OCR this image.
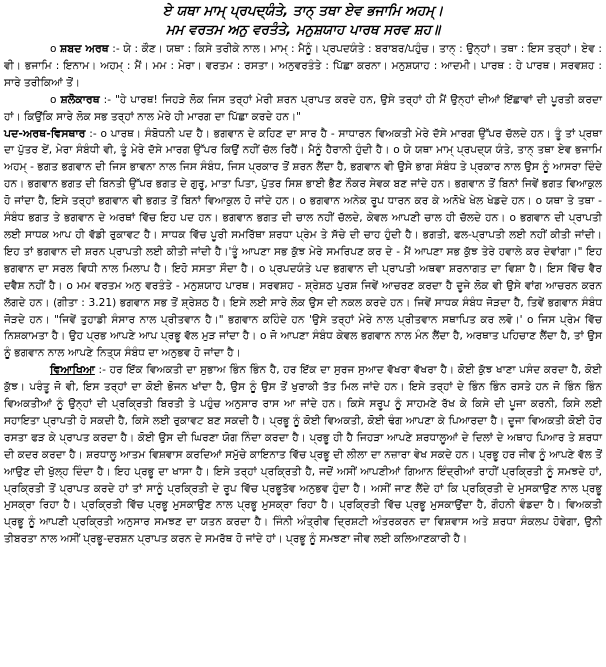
ਏ ਯਥਾ ਮਾਮ੍ ਪ੍ਰਪਦ੍ਯੰਤੇ, ਤਾਨ੍ ਤਥਾ ਏਵ ਭਜਾਮਿ ਅਹਮ੍।
ਮਮ ਵਰਤਮ ਅਨੁ ਵਰਤੰਤੇ, ਮਨੁਸ਼ਯਾਹ ਪਾਰਥ ਸਰਵ ਸ਼ਹ॥

o ਸ਼ਬਦ ਅਰਥ :- ਯੇ : ਕੌਣ। ਯਥਾ : ਕਿਸੇ ਤਰੀਕੇ ਨਾਲ। ਮਾਮ੍ : ਮੈਨੂੰ। ਪ੍ਰਪਦਯੰਤੇ : ਬਰਾਬਰ/ਪਹੁੰਚ। ਤਾਨ੍ : ਉਨ੍ਹਾਂ। ਤਥਾ : ਇਸ ਤਰ੍ਹਾਂ। ਏਵ : ਵੀ। ਭਜਾਮਿ : ਇਨਾਮ। ਅਹਮ੍ : ਮੈਂ। ਮਮ : ਮੇਰਾ। ਵਰਤਮ : ਰਸਤਾ। ਅਨੁਵਰਤੰਤੇ : ਪਿੱਛਾ ਕਰਨਾ। ਮਨੁਸ਼ਯਾਹ : ਆਦਮੀ। ਪਾਰਥ : ਹੇ ਪਾਰਥ। ਸਰਵਸ਼ਹ : ਸਾਰੇ ਤਰੀਕਿਆਂ ਤੋਂ।

o ਸ਼ਲੋਕਾਰਥ :- "ਹੇ ਪਾਰਥ! ਜਿਹੜੇ ਲੋਕ ਜਿਸ ਤਰ੍ਹਾਂ ਮੇਰੀ ਸ਼ਰਨ ਪ੍ਰਾਪਤ ਕਰਦੇ ਹਨ, ਉਸੇ ਤਰ੍ਹਾਂ ਹੀ ਮੈਂ ਉਨ੍ਹਾਂ ਦੀਆਂ ਇੱਛਾਵਾਂ ਦੀ ਪੂਰਤੀ ਕਰਦਾ ਹਾਂ। ਕਿਉਂਕਿ ਸਾਰੇ ਲੋਕ ਸਭ ਤਰ੍ਹਾਂ ਨਾਲ ਮੇਰੇ ਹੀ ਮਾਰਗ ਦਾ ਪਿੱਛਾ ਕਰਦੇ ਹਨ।"

ਪਦ-ਅਰਥ-ਵਿਸਥਾਰ :- o ਪਾਰਥ। ਸੰਬੋਧਨੀ ਪਦ ਹੈ। ਭਗਵਾਨ ਦੇ ਕਹਿਣ ਦਾ ਸਾਰ ਹੈ - ਸਾਧਾਰਨ ਵਿਅਕਤੀ ਮੇਰੇ ਦੱਸੇ ਮਾਰਗ ਉੱਪਰ ਚੱਲਦੇ ਹਨ। ਤੂੰ ਤਾਂ ਪ੍ਰਥਾ ਦਾ ਪੁੱਤਰ ਏਂ, ਮੇਰਾ ਸੰਬੰਧੀ ਵੀ, ਤੂੰ ਮੇਰੇ ਦੱਸੇ ਮਾਰਗ ਉੱਪਰ ਕਿਉਂ ਨਹੀਂ ਚੱਲ ਰਿਹੈਂ। ਮੈਨੂੰ ਹੈਰਾਨੀ ਹੁੰਦੀ ਹੈ। o ਯੇ ਯਥਾ ਮਾਮ੍ ਪ੍ਰਪਦ੍ਯ ਯੰਤੇ, ਤਾਨ੍ ਤਥਾ ਏਵ ਭਜਾਮਿ ਅਹਮ੍ - ਭਗਤ ਭਗਵਾਨ ਦੀ ਜਿਸ ਭਾਵਨਾ ਨਾਲ ਜਿਸ ਸੰਬੰਧ, ਜਿਸ ਪ੍ਰਕਾਰ ਤੋਂ ਸ਼ਰਨ ਲੈਂਦਾ ਹੈ, ਭਗਵਾਨ ਵੀ ਉਸੇ ਭਾਗ ਸੰਬੰਧ ਤੇ ਪ੍ਰਕਾਰ ਨਾਲ ਉਸ ਨੂੰ ਆਸਰਾ ਦਿੰਦੇ ਹਨ। ਭਗਵਾਨ ਭਗਤ ਦੀ ਬਿਨਤੀ ਉੱਪਰ ਭਗਤ ਦੇ ਗੁਰੂ, ਮਾਤਾ ਪਿਤਾ, ਪੁੱਤਰ ਸਿਸ਼ ਭਾਈ ਭੈਣ ਨੌਕਰ ਸੇਵਕ ਬਣ ਜਾਂਦੇ ਹਨ। ਭਗਵਾਨ ਤੋਂ ਬਿਨਾਂ ਜਿਵੇਂ ਭਗਤ ਵਿਆਕੁਲ ਹੋ ਜਾਂਦਾ ਹੈ, ਇਸੇ ਤਰ੍ਹਾਂ ਭਗਵਾਨ ਵੀ ਭਗਤ ਤੋਂ ਬਿਨਾਂ ਵਿਆਕੁਲ ਹੋ ਜਾਂਦੇ ਹਨ। o ਭਗਵਾਨ ਅਨੇਕ ਰੂਪ ਧਾਰਨ ਕਰ ਕੇ ਅਨੋਖੇ ਖੇਲ ਖੇਡਦੇ ਹਨ। o ਯਥਾ ਤੇ ਤਥਾ - ਸੰਬੰਧ ਭਗਤ ਤੇ ਭਗਵਾਨ ਦੇ ਅਰਥਾਂ ਵਿੱਚ ਇਹ ਪਦ ਹਨ। ਭਗਵਾਨ ਭਗਤ ਦੀ ਚਾਲ ਨਹੀਂ ਚੱਲਦੇ, ਕੇਵਲ ਆਪਣੀ ਚਾਲ ਹੀ ਚੱਲਦੇ ਹਨ। o ਭਗਵਾਨ ਦੀ ਪ੍ਰਾਪਤੀ ਲਈ ਸਾਧਕ ਆਪ ਹੀ ਵੱਡੀ ਰੁਕਾਵਟ ਹੈ। ਸਾਧਕ ਵਿੱਚ ਪੂਰੀ ਸਮਰਿੱਥਾ ਸ਼ਰਧਾ ਪ੍ਰੇਮ ਤੇ ਸੱਚੇ ਦੀ ਚਾਹ ਹੁੰਦੀ ਹੈ। ਭਗਤੀ, ਫਲ-ਪ੍ਰਾਪਤੀ ਲਈ ਨਹੀਂ ਕੀਤੀ ਜਾਂਦੀ। ਇਹ ਤਾਂ ਭਗਵਾਨ ਦੀ ਸ਼ਰਨ ਪ੍ਰਾਪਤੀ ਲਈ ਕੀਤੀ ਜਾਂਦੀ ਹੈ।'ਤੂੰ ਆਪਣਾ ਸਭ ਕੁੱਝ ਮੇਰੇ ਸਮਰਿਪਣ ਕਰ ਦੇ - ਮੈਂ ਆਪਣਾ ਸਭ ਕੁੱਝ ਤੇਰੇ ਹਵਾਲੇ ਕਰ ਦੇਵਾਂਗਾ।" ਇਹ ਭਗਵਾਨ ਦਾ ਸਰਲ ਵਿਧੀ ਨਾਲ ਮਿਲਾਪ ਹੈ। ਇਹੋ ਸਸਤਾ ਸੌਦਾ ਹੈ। o ਪ੍ਰਪਦਯੰਤੇ ਪਦ ਭਗਵਾਨ ਦੀ ਪ੍ਰਾਪਤੀ ਅਥਵਾ ਸ਼ਰਨਾਗਤ ਦਾ ਵਿਸ਼ਾ ਹੈ। ਇਸ ਵਿੱਚ ਵੈਰ ਦਵੈਸ਼ ਨਹੀਂ ਹੈ। o ਮਮ ਵਰਤਮ ਅਨੁ ਵਰਤੰਤੇ - ਮਨੁਸ਼ਯਾਹ ਪਾਰਥ। ਸਰਵਸ਼ਹ - ਸ਼੍ਰੇਸ਼ਠ ਪੁਰਸ਼ ਜਿਵੇਂ ਆਚਰਣ ਕਰਦਾ ਹੈ ਦੂਜੇ ਲੋਕ ਵੀ ਉਸੇ ਵਾਂਗ ਆਚਰਨ ਕਰਨ ਲੱਗਦੇ ਹਨ। (ਗੀਤਾ : 3.21) ਭਗਵਾਨ ਸਭ ਤੋਂ ਸ਼੍ਰੇਸ਼ਠ ਹੈ। ਇਸੇ ਲਈ ਸਾਰੇ ਲੋਕ ਉਸ ਦੀ ਨਕਲ ਕਰਦੇ ਹਨ। ਜਿਵੇਂ ਸਾਧਕ ਸੰਬੰਧ ਜੋੜਦਾ ਹੈ, ਤਿਵੇਂ ਭਗਵਾਨ ਸੰਬੰਧ ਜੋੜਦੇ ਹਨ। "ਜਿਵੇਂ ਤੁਹਾਡੀ ਸੰਸਾਰ ਨਾਲ ਪ੍ਰੀਤਵਾਨ ਹੈ।" ਭਗਵਾਨ ਕਹਿੰਦੇ ਹਨ 'ਉਸੇ ਤਰ੍ਹਾਂ ਮੇਰੇ ਨਾਲ ਪ੍ਰੀਤਵਾਨ ਸਥਾਪਿਤ ਕਰ ਲਵੋ।' o ਜਿਸ ਪ੍ਰੇਮ ਵਿੱਚ ਨਿਸ਼ਕਾਮਤਾ ਹੈ। ਉਹ ਪ੍ਰਭ ਆਪਣੇ ਆਪ ਪ੍ਰਭੂ ਵੱਲ ਮੁੜ ਜਾਂਦਾ ਹੈ। o ਜੋ ਆਪਣਾ ਸੰਬੰਧ ਕੇਵਲ ਭਗਵਾਨ ਨਾਲ ਮੰਨ ਲੈਂਦਾ ਹੈ, ਅਰਥਾਤ ਪਹਿਚਾਣ ਲੈਂਦਾ ਹੈ, ਤਾਂ ਉਸ ਨੂੰ ਭਗਵਾਨ ਨਾਲ ਆਪਣੇ ਨਿਤ੍ਯ ਸੰਬੰਧ ਦਾ ਅਨੁਭਵ ਹੋ ਜਾਂਦਾ ਹੈ।

ਵਿਆਖਿਆ :- ਹਰ ਇੱਕ ਵਿਅਕਤੀ ਦਾ ਸੁਭਾਅ ਭਿੰਨ ਭਿੰਨ ਹੈ, ਹਰ ਇੱਕ ਦਾ ਸੁਰਜ ਸੁਆਦ ਵੱਖਰਾ ਵੱਖਰਾ ਹੈ। ਕੋਈ ਕੁੱਝ ਖਾਣਾ ਪਸੰਦ ਕਰਦਾ ਹੈ, ਕੋਈ ਕੁੱਝ। ਪਰੰਤੂ ਜੋ ਵੀ, ਇਸ ਤਰ੍ਹਾਂ ਦਾ ਕੋਈ ਭੋਜਨ ਖਾਂਦਾ ਹੈ, ਉਸ ਨੂੰ ਉਸ ਤੋਂ ਖੁਰਾਕੀ ਤੱਤ ਮਿਲ ਜਾਂਦੇ ਹਨ। ਇਸੇ ਤਰ੍ਹਾਂ ਦੇ ਭਿੰਨ ਭਿੰਨ ਰਸਤੇ ਹਨ ਜੋ ਭਿੰਨ ਭਿੰਨ ਵਿਅਕਤੀਆਂ ਨੂੰ ਉਨ੍ਹਾਂ ਦੀ ਪ੍ਰਕ੍ਰਿਤੀ ਬਿਰਤੀ ਤੇ ਪਹੁੰਚ ਅਨੁਸਾਰ ਰਾਸ ਆ ਜਾਂਦੇ ਹਨ। ਕਿਸੇ ਸਰੂਪ ਨੂੰ ਸਾਹਮਣੇ ਰੱਖ ਕੇ ਕਿਸੇ ਦੀ ਪੂਜਾ ਕਰਨੀ, ਕਿਸੇ ਲਈ ਸਹਾਇਤਾ ਪ੍ਰਾਪਤੀ ਹੋ ਸਕਦੀ ਹੈ, ਕਿਸੇ ਲਈ ਰੁਕਾਵਟ ਬਣ ਸਕਦੀ ਹੈ। ਪ੍ਰਭੂ ਨੂੰ ਕੋਈ ਵਿਅਕਤੀ, ਕੋਈ ਢੰਗ ਆਪਣਾ ਕੇ ਪਿਆਰਦਾ ਹੈ। ਦੂਜਾ ਵਿਅਕਤੀ ਕੋਈ ਹੋਰ ਰਸਤਾ ਫੜ ਕੇ ਪ੍ਰਾਪਤ ਕਰਦਾ ਹੈ। ਕੋਈ ਉਸ ਦੀ ਘਿਰਣਾ ਯੋਗ ਨਿੰਦਾ ਕਰਦਾ ਹੈ। ਪ੍ਰਭੂ ਹੀ ਹੈ ਜਿਹੜਾ ਆਪਣੇ ਸ਼ਰਧਾਲੂਆਂ ਦੇ ਦਿਲਾਂ ਦੇ ਅਥਾਹ ਪਿਆਰ ਤੇ ਸ਼ਰਧਾ ਦੀ ਕਦਰ ਕਰਦਾ ਹੈ। ਸ਼ਰਧਾਲੂ ਆਤਮ ਵਿਸ਼ਵਾਸ ਕਰਦਿਆਂ ਸਮੁੱਚੇ ਕਾਇਨਾਤ ਵਿੱਚ ਪ੍ਰਭੂ ਦੀ ਲੀਲਾ ਦਾ ਨਜ਼ਾਰਾ ਵੇਖ ਸਕਦੇ ਹਨ। ਪ੍ਰਭੂ ਹਰ ਜੀਵ ਨੂੰ ਆਪਣੇ ਵੱਲ ਤੋਂ ਆਉਣ ਦੀ ਖੁੱਲ੍ਹ ਦਿੰਦਾ ਹੈ। ਇਹ ਪ੍ਰਭੂ ਦਾ ਖਾਸਾ ਹੈ। ਇਸੇ ਤਰ੍ਹਾਂ ਪ੍ਰਕ੍ਰਿਤੀ ਹੈ, ਜਦੋਂ ਅਸੀਂ ਆਪਣੀਆਂ ਗਿਆਨ ਇੰਦ੍ਰੀਆਂ ਰਾਹੀਂ ਪ੍ਰਕ੍ਰਿਤੀ ਨੂੰ ਸਮਝਦੇ ਹਾਂ, ਪ੍ਰਕ੍ਰਿਤੀ ਤੋਂ ਪ੍ਰਾਪਤ ਕਰਦੇ ਹਾਂ ਤਾਂ ਸਾਨੂੰ ਪ੍ਰਕ੍ਰਿਤੀ ਦੇ ਰੂਪ ਵਿੱਚ ਪ੍ਰਭੂਤੱਵ ਅਨੁਭਵ ਹੁੰਦਾ ਹੈ। ਅਸੀਂ ਜਾਣ ਲੈਂਦੇ ਹਾਂ ਕਿ ਪ੍ਰਕ੍ਰਿਤੀ ਦੇ ਮੁਸਕਾਉਣ ਨਾਲ ਪ੍ਰਭੂ ਮੁਸਕ੍ਰਾ ਰਿਹਾ ਹੈ। ਪ੍ਰਕ੍ਰਿਤੀ ਵਿੱਚ ਪ੍ਰਭੂ ਮੁਸਕਾਉਣ ਨਾਲ ਪ੍ਰਭੂ ਮੁਸਕ੍ਰਾ ਰਿਹਾ ਹੈ। ਪ੍ਰਕ੍ਰਿਤੀ ਵਿੱਚ ਪ੍ਰਭੂ ਮੁਸਕਾਉਂਦਾ ਹੈ, ਗੌਹਨੀ ਵੰਡਦਾ ਹੈ। ਵਿਅਕਤੀ ਪ੍ਰਭੂ ਨੂੰ ਆਪਣੀ ਪ੍ਰਕ੍ਰਿਤੀ ਅਨੁਸਾਰ ਸਮਝਣ ਦਾ ਯਤਨ ਕਰਦਾ ਹੈ। ਜਿੰਨੀ ਅੰਤ੍ਰੀਵ ਦ੍ਰਿਸ਼ਟੀ ਅੰਤਰਕਰਨ ਦਾ ਵਿਸ਼ਵਾਸ ਅਤੇ ਸ਼ਰਧਾ ਸੰਕਲਪ ਹੋਵੇਗਾ, ਉਨੀ ਤੀਬਰਤਾ ਨਾਲ ਅਸੀਂ ਪ੍ਰਭੂ-ਦਰਸ਼ਨ ਪ੍ਰਾਪਤ ਕਰਨ ਦੇ ਸਮਰੱਥ ਹੋ ਜਾਂਦੇ ਹਾਂ। ਪ੍ਰਭੂ ਨੂੰ ਸਮਝਣਾ ਜੀਵ ਲਈ ਕਲਿਆਣਕਾਰੀ ਹੈ।
